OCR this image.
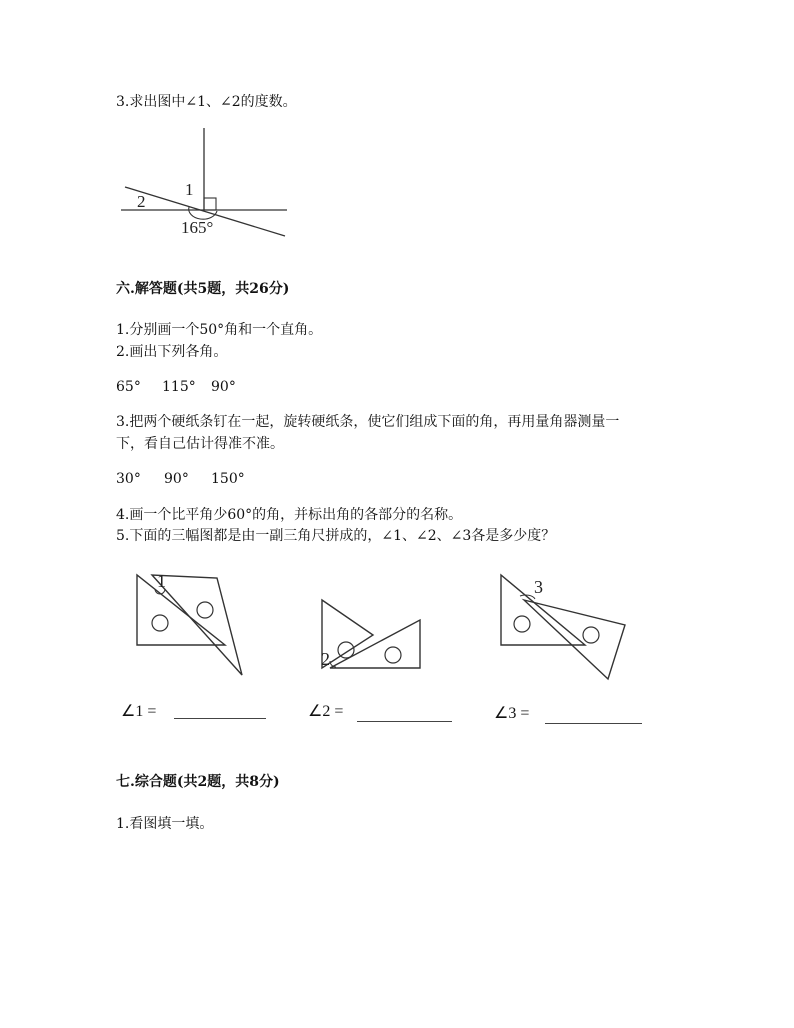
3.求出图中∠1、∠2的度数。
1
2
165°
六.解答题(共5题，共26分)
1.分别画一个50°角和一个直角。
2.画出下列各角。
65° 115° 90°
3.把两个硬纸条钉在一起，旋转硬纸条，使它们组成下面的角，再用量角器测量一
下，看自己估计得准不准。
30° 90° 150°
4.画一个比平角少60°的角，并标出角的各部分的名称。
5.下面的三幅图都是由一副三角尺拼成的，∠1、∠2、∠3各是多少度？
1
2
3
∠1 =	∠2 =	∠3 =
七.综合题(共2题，共8分)
1.看图填一填。
